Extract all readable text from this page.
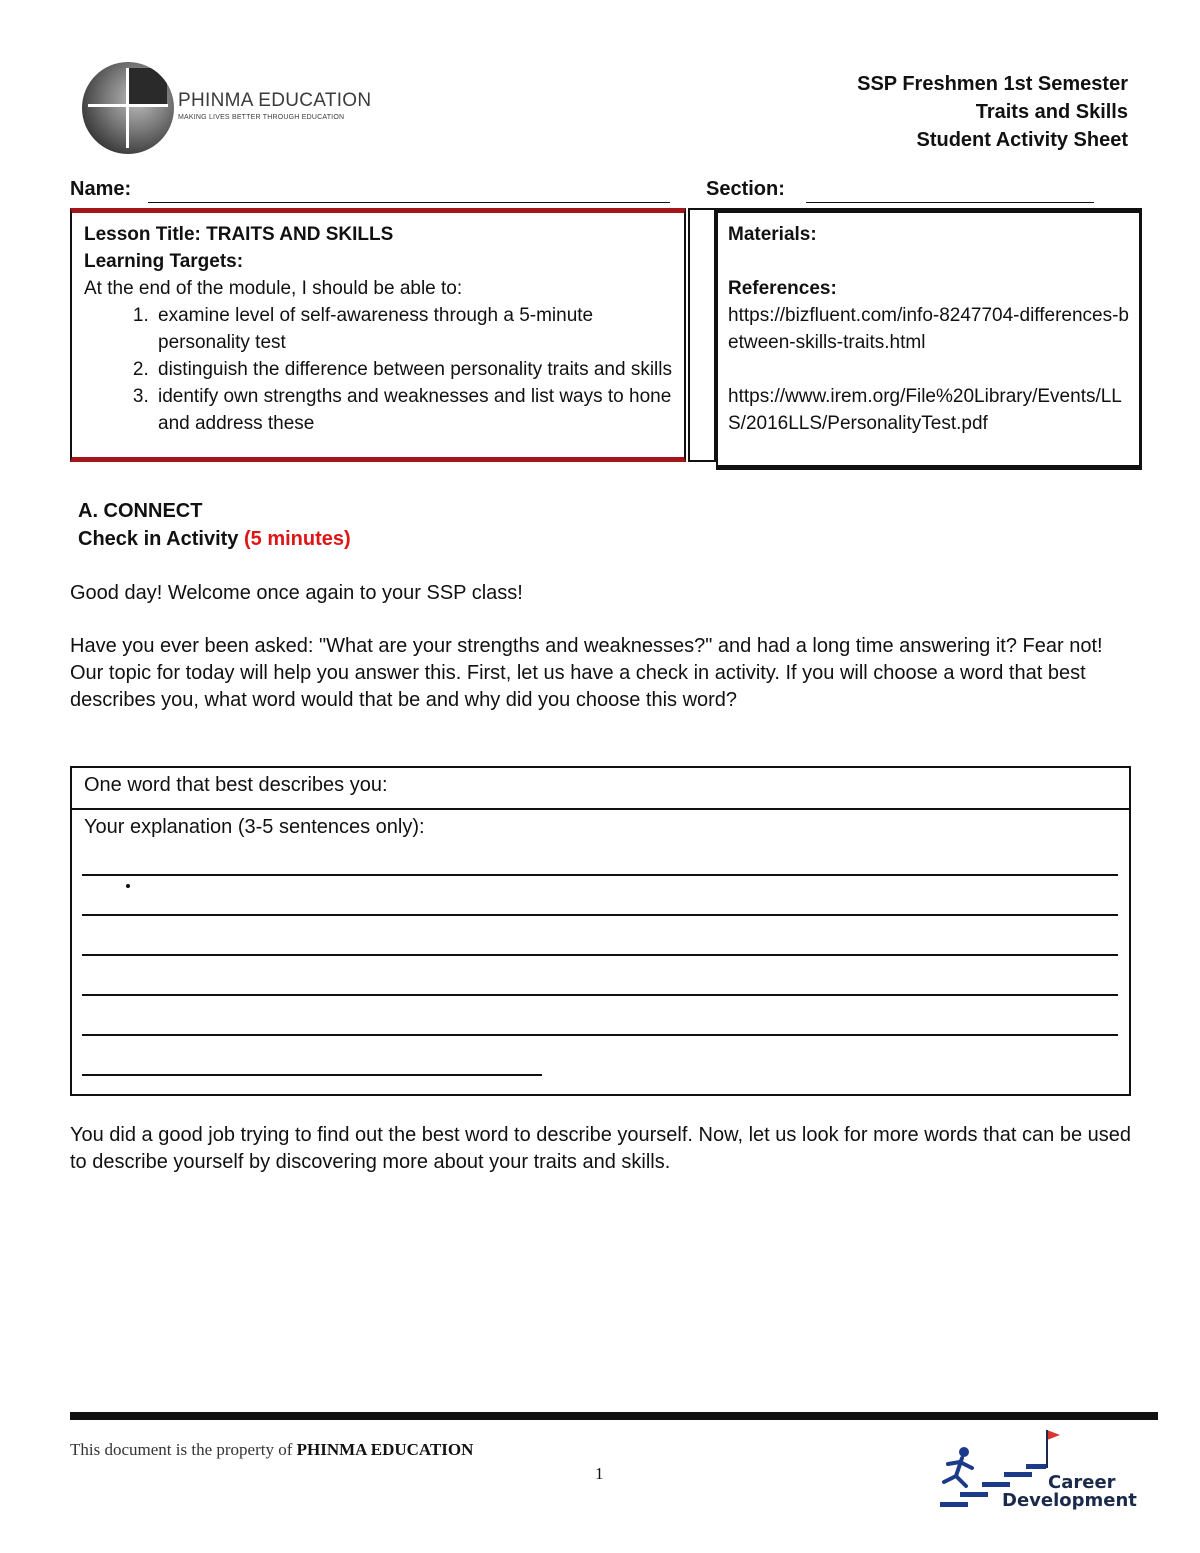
PHINMA EDUCATION
MAKING LIVES BETTER THROUGH EDUCATION
SSP Freshmen 1st Semester
Traits and Skills
Student Activity Sheet
Name:	Section:
Lesson Title: TRAITS AND SKILLS
Learning Targets:
At the end of the module, I should be able to:
1. examine level of self-awareness through a 5-minute personality test
2. distinguish the difference between personality traits and skills
3. identify own strengths and weaknesses and list ways to hone and address these
Materials:
References:
https://bizfluent.com/info-8247704-differences-between-skills-traits.html
https://www.irem.org/File%20Library/Events/LLS/2016LLS/PersonalityTest.pdf
A. CONNECT
Check in Activity (5 minutes)
Good day! Welcome once again to your SSP class!
Have you ever been asked: "What are your strengths and weaknesses?" and had a long time answering it? Fear not! Our topic for today will help you answer this. First, let us have a check in activity. If you will choose a word that best describes you, what word would that be and why did you choose this word?
One word that best describes you:
Your explanation (3-5 sentences only):
You did a good job trying to find out the best word to describe yourself. Now, let us look for more words that can be used to describe yourself by discovering more about your traits and skills.
This document is the property of PHINMA EDUCATION
1	Career
Development
